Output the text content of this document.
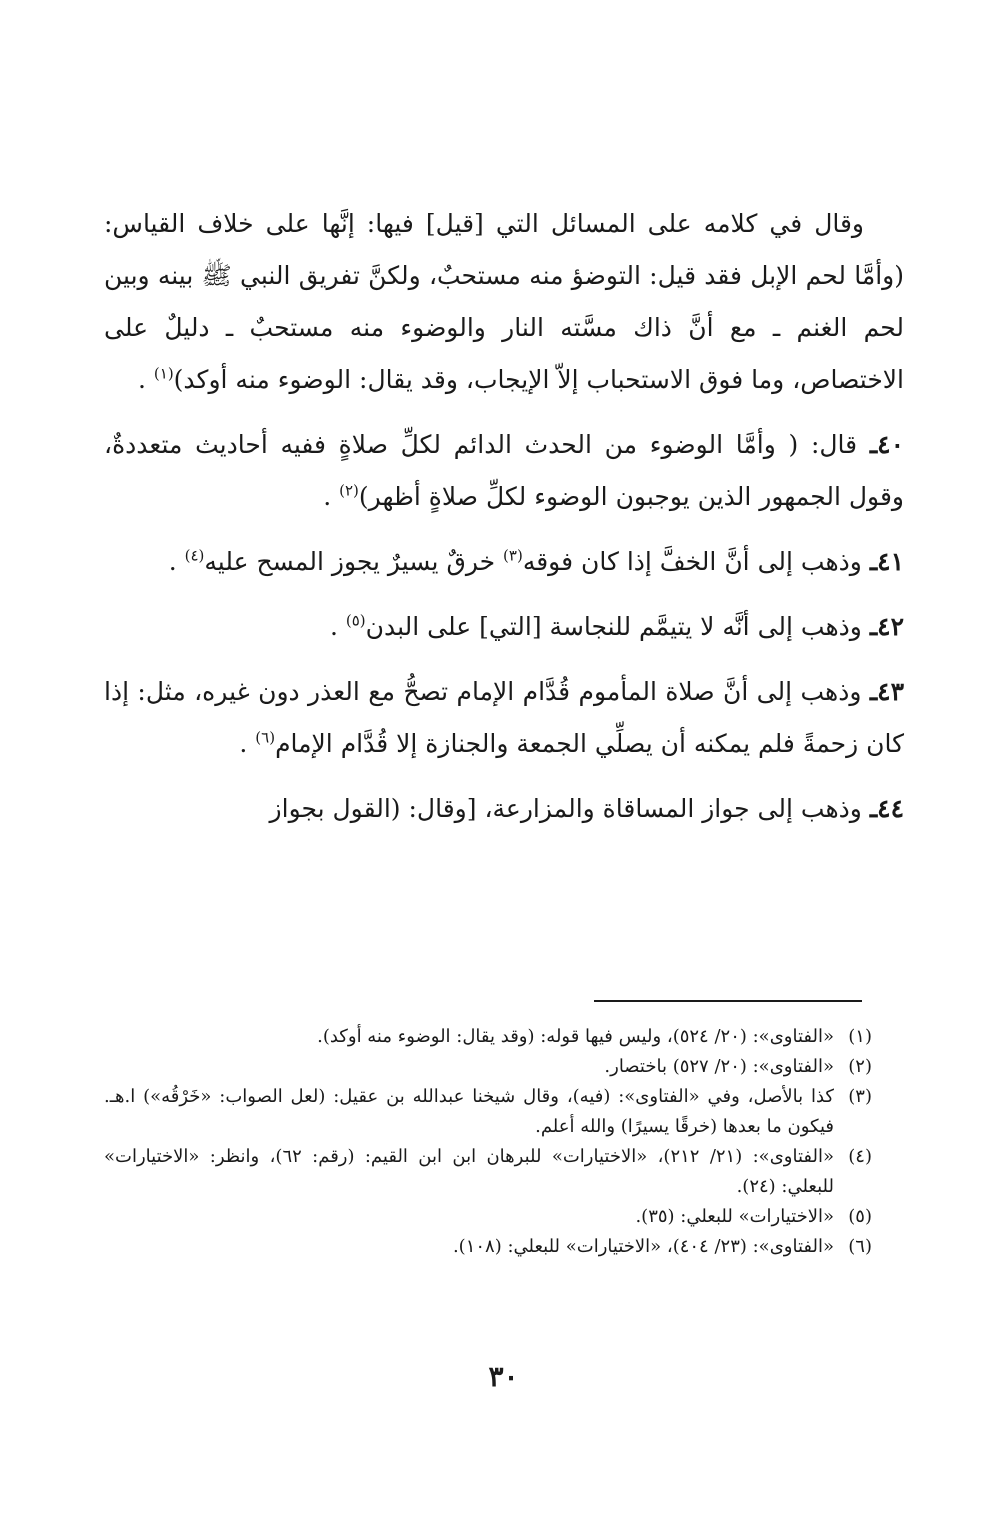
وقال في كلامه على المسائل التي [قيل] فيها: إنَّها على خلاف القياس: (وأمَّا لحم الإبل فقد قيل: التوضؤ منه مستحبٌ، ولكنَّ تفريق النبي ﷺ بينه وبين لحم الغنم ـ مع أنَّ ذاك مسَّته النار والوضوء منه مستحبٌ ـ دليلٌ على الاختصاص، وما فوق الاستحباب إلاّ الإيجاب، وقد يقال: الوضوء منه أوكد)$^{(١)}$ .

٤٠ـ قال: ( وأمَّا الوضوء من الحدث الدائم لكلِّ صلاةٍ ففيه أحاديث متعددةٌ، وقول الجمهور الذين يوجبون الوضوء لكلِّ صلاةٍ أظهر)$^{(٢)}$ .

٤١ـ وذهب إلى أنَّ الخفَّ إذا كان فوقه$^{(٣)}$ خرقٌ يسيرٌ يجوز المسح عليه$^{(٤)}$ .

٤٢ـ وذهب إلى أنَّه لا يتيمَّم للنجاسة [التي] على البدن$^{(٥)}$ .

٤٣ـ وذهب إلى أنَّ صلاة المأموم قُدَّام الإمام تصحُّ مع العذر دون غيره، مثل: إذا كان زحمةً فلم يمكنه أن يصلِّي الجمعة والجنازة إلا قُدَّام الإمام$^{(٦)}$ .

٤٤ـ وذهب إلى جواز المساقاة والمزارعة، [وقال: (القول بجواز

(١)
«الفتاوى»: (٢٠/ ٥٢٤)، وليس فيها قوله: (وقد يقال: الوضوء منه أوكد).
(٢)
«الفتاوى»: (٢٠/ ٥٢٧) باختصار.
(٣)
كذا بالأصل، وفي «الفتاوى»: (فيه)، وقال شيخنا عبدالله بن عقيل: (لعل الصواب: «خَرْقُه») ا.هـ. فيكون ما بعدها (خرقًا يسيرًا) والله أعلم.
(٤)
«الفتاوى»: (٢١/ ٢١٢)، «الاختيارات» للبرهان ابن ابن القيم: (رقم: ٦٢)، وانظر: «الاختيارات» للبعلي: (٢٤).
(٥)
«الاختيارات» للبعلي: (٣٥).
(٦)
«الفتاوى»: (٢٣/ ٤٠٤)، «الاختيارات» للبعلي: (١٠٨).
٣٠
